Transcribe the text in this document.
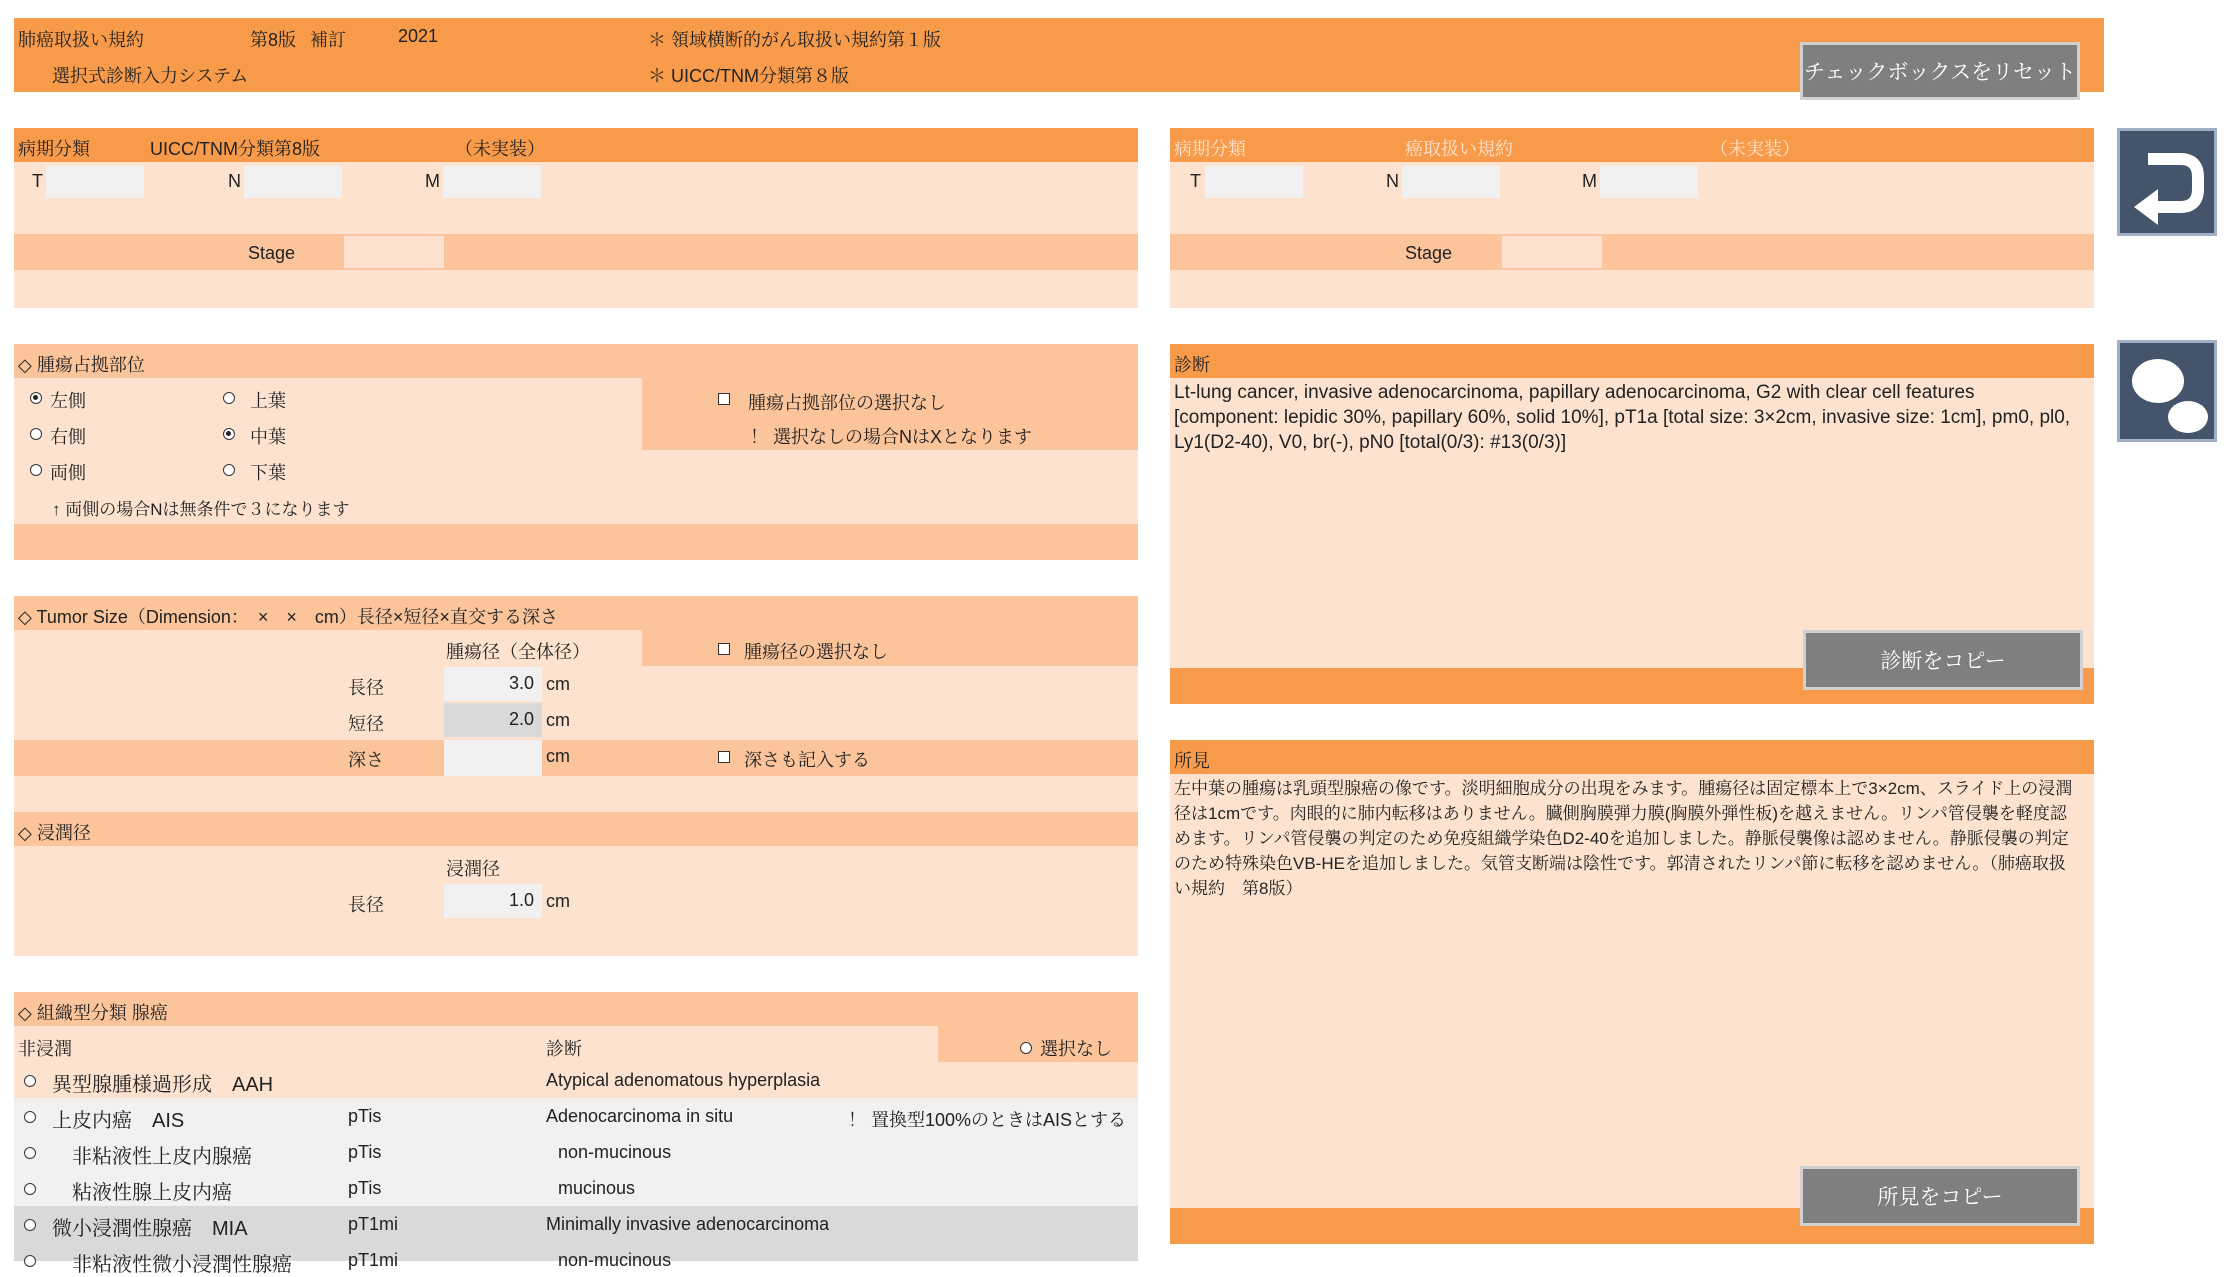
肺癌取扱い規約	第8版 補訂	2021
選択式診断入力システム
＊ 領域横断的がん取扱い規約第１版
＊ UICC/TNM分類第８版	チェックボックスをリセット
病期分類	UICC/TNM分類第8版	（未実装）
T	N	M
Stage
病期分類	癌取扱い規約	（未実装）
T	N	M
Stage
◇ 腫瘍占拠部位
左側
右側
両側
上葉
中葉
下葉
腫瘍占拠部位の選択なし
！ 選択なしの場合NはXとなります
↑ 両側の場合Nは無条件で３になります
◇ Tumor Size（Dimension：　×　×　cm）長径×短径×直交する深さ
腫瘍径（全体径）	腫瘍径の選択なし
長径	3.0 cm
短径	2.0 cm
深さ	cm	深さも記入する
◇ 浸潤径
浸潤径
長径	1.0 cm
◇ 組織型分類 腺癌
非浸潤	診断	選択なし
異型腺腫様過形成　AAH	Atypical adenomatous hyperplasia
上皮内癌　AIS	pTis	Adenocarcinoma in situ	！ 置換型100%のときはAISとする
非粘液性上皮内腺癌	pTis	non-mucinous
粘液性腺上皮内癌	pTis	mucinous
微小浸潤性腺癌　MIA	pT1mi	Minimally invasive adenocarcinoma
非粘液性微小浸潤性腺癌	pT1mi	non-mucinous
診断
Lt-lung cancer, invasive adenocarcinoma, papillary adenocarcinoma, G2 with clear cell features [component: lepidic 30%, papillary 60%, solid 10%], pT1a [total size: 3×2cm, invasive size: 1cm], pm0, pl0, Ly1(D2-40), V0, br(-), pN0 [total(0/3): #13(0/3)]
診断をコピー
所見
左中葉の腫瘍は乳頭型腺癌の像です。淡明細胞成分の出現をみます。腫瘍径は固定標本上で3×2cm、スライド上の浸潤径は1cmです。肉眼的に肺内転移はありません。臓側胸膜弾力膜(胸膜外弾性板)を越えません。リンパ管侵襲を軽度認めます。リンパ管侵襲の判定のため免疫組織学染色D2-40を追加しました。静脈侵襲像は認めません。静脈侵襲の判定のため特殊染色VB-HEを追加しました。気管支断端は陰性です。郭清されたリンパ節に転移を認めません。（肺癌取扱い規約　第8版）
所見をコピー
